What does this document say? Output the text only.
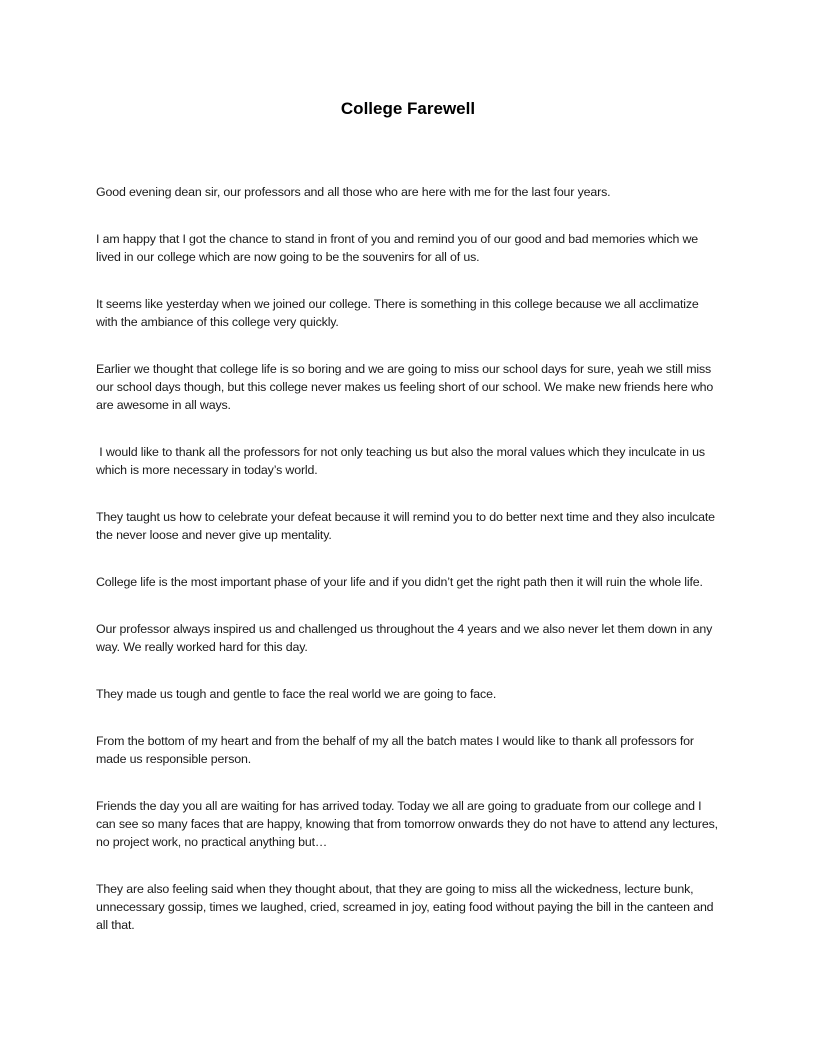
College Farewell

Good evening dean sir, our professors and all those who are here with me for the last four years.

I am happy that I got the chance to stand in front of you and remind you of our good and bad memories which we lived in our college which are now going to be the souvenirs for all of us.

It seems like yesterday when we joined our college. There is something in this college because we all acclimatize with the ambiance of this college very quickly.

Earlier we thought that college life is so boring and we are going to miss our school days for sure, yeah we still miss our school days though, but this college never makes us feeling short of our school. We make new friends here who are awesome in all ways.

I would like to thank all the professors for not only teaching us but also the moral values which they inculcate in us which is more necessary in today’s world.

They taught us how to celebrate your defeat because it will remind you to do better next time and they also inculcate the never loose and never give up mentality.

College life is the most important phase of your life and if you didn’t get the right path then it will ruin the whole life.

Our professor always inspired us and challenged us throughout the 4 years and we also never let them down in any way. We really worked hard for this day.

They made us tough and gentle to face the real world we are going to face.

From the bottom of my heart and from the behalf of my all the batch mates I would like to thank all professors for made us responsible person.

Friends the day you all are waiting for has arrived today. Today we all are going to graduate from our college and I can see so many faces that are happy, knowing that from tomorrow onwards they do not have to attend any lectures, no project work, no practical anything but…

They are also feeling said when they thought about, that they are going to miss all the wickedness, lecture bunk, unnecessary gossip, times we laughed, cried, screamed in joy, eating food without paying the bill in the canteen and all that.
